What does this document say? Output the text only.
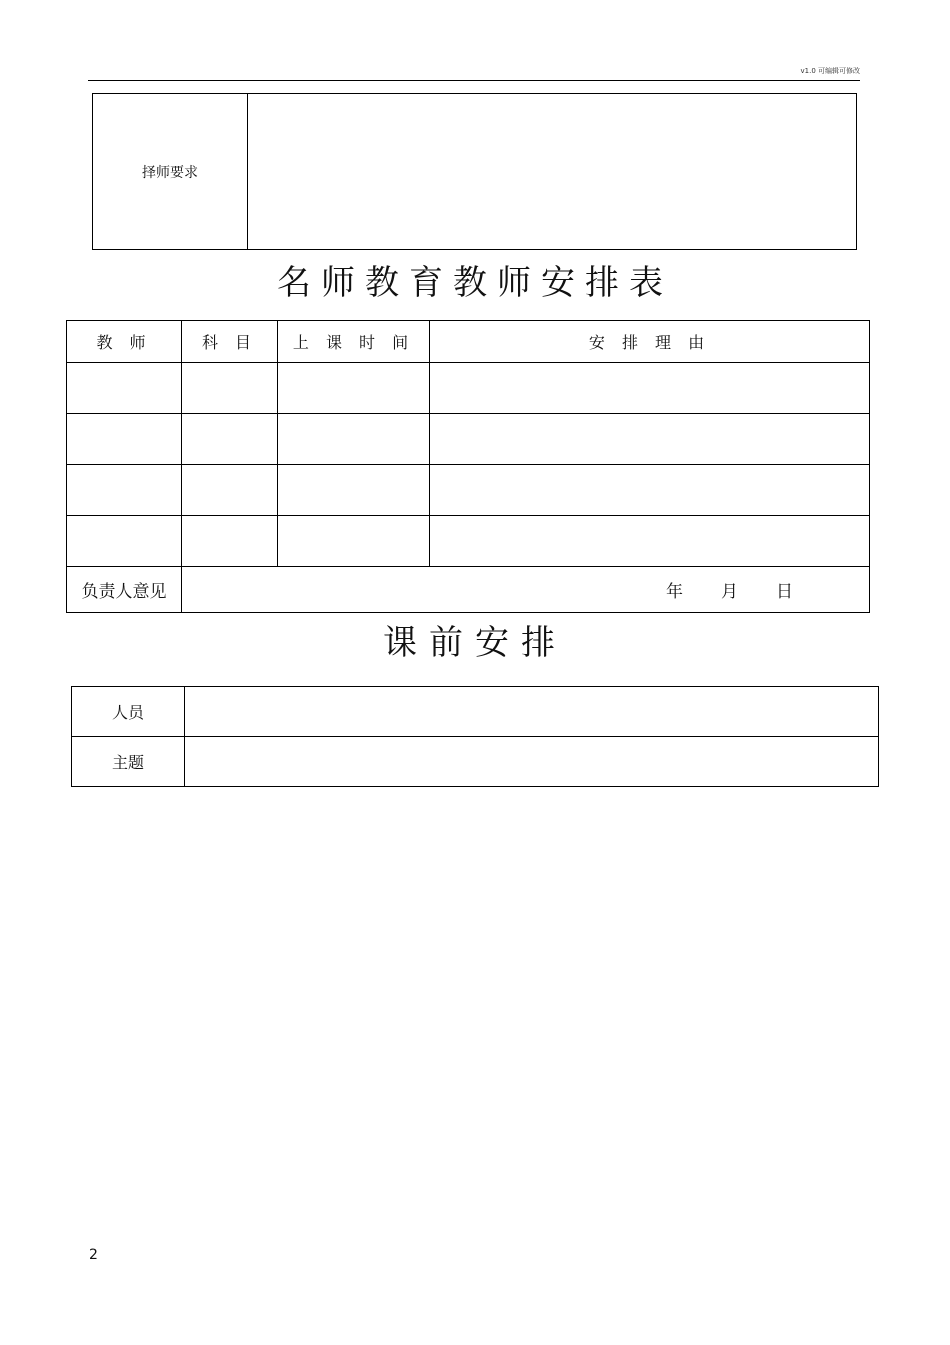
v1.0 可编辑可修改
择师要求	
名师教育教师安排表
教 师	科 目	上 课 时 间	安 排 理 由

负责人意见	年 月 日		
课前安排
人员	
主题	
2
